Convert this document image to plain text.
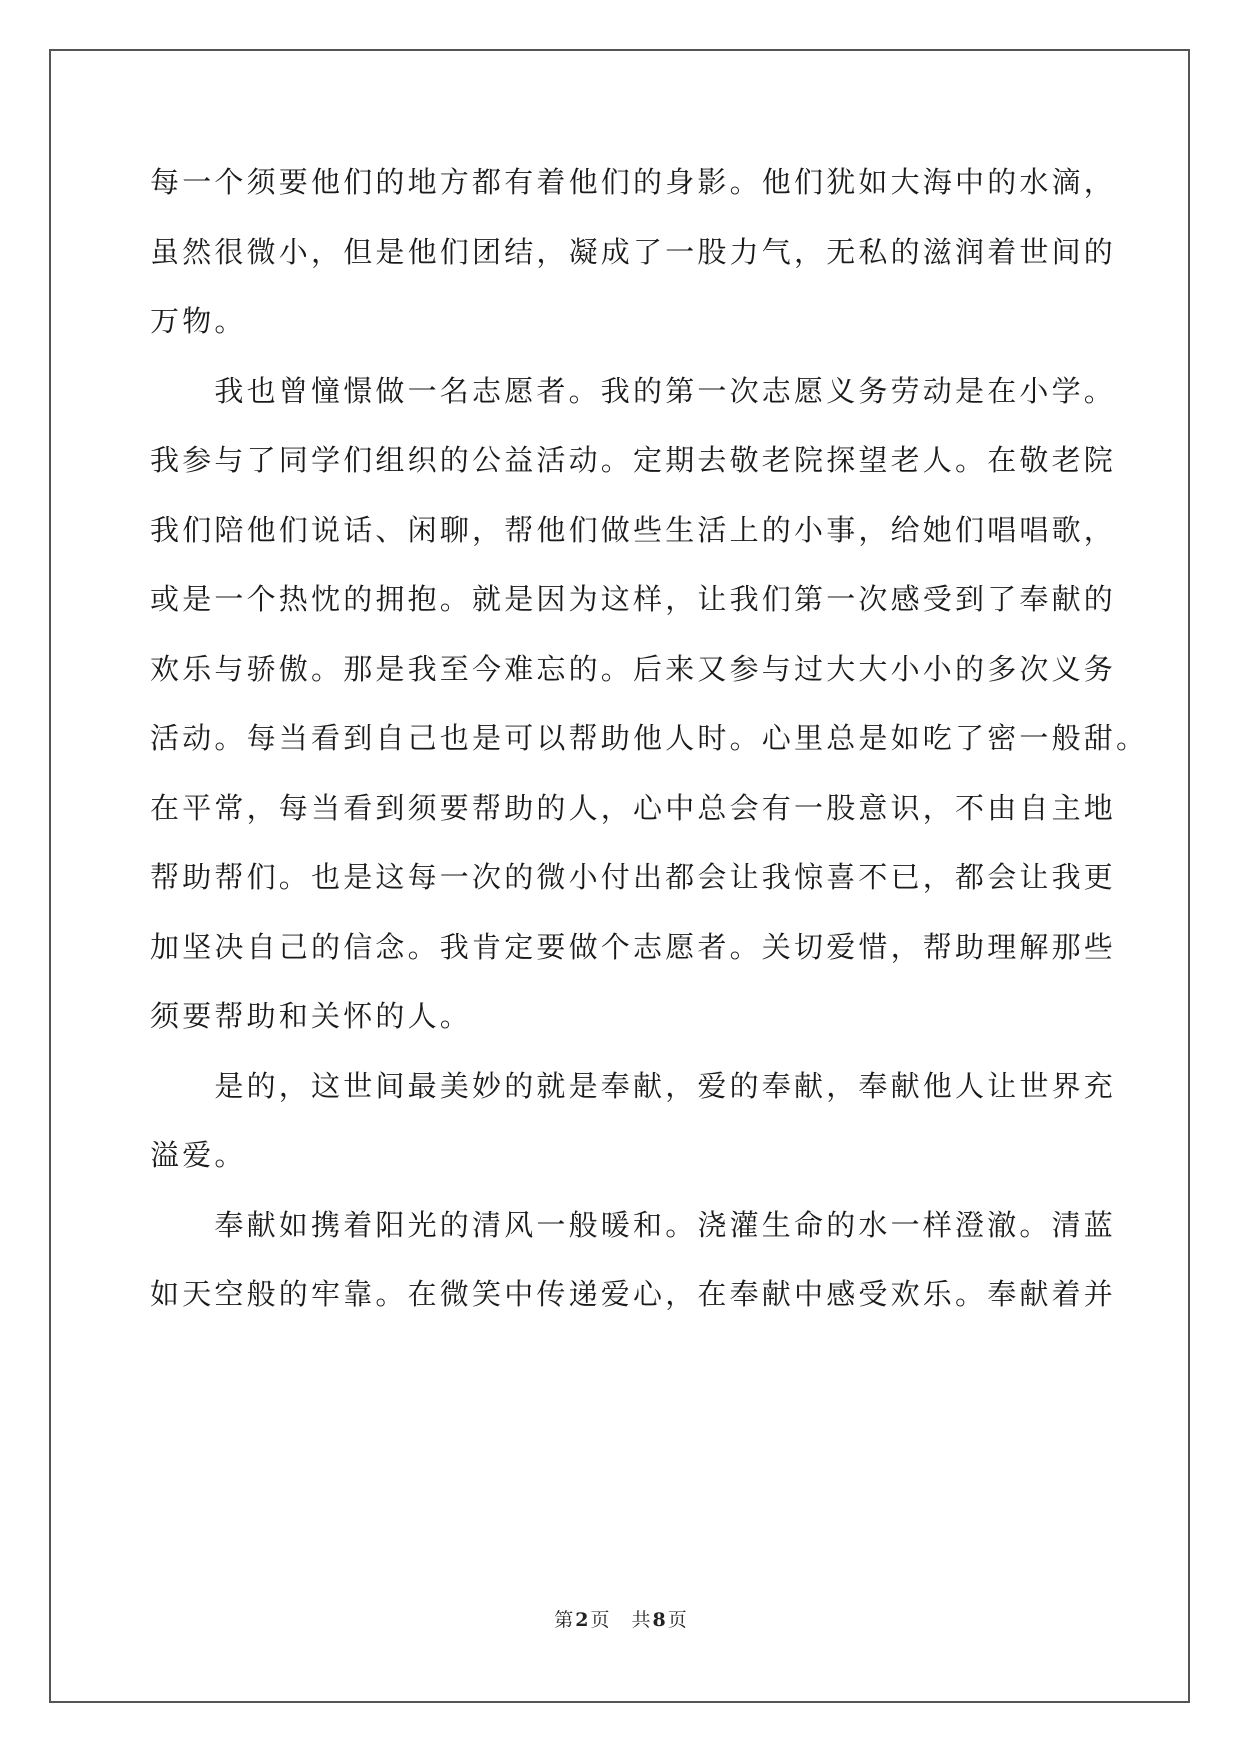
每一个须要他们的地方都有着他们的身影。他们犹如大海中的水滴，
虽然很微小，但是他们团结，凝成了一股力气，无私的滋润着世间的
万物。
　　我也曾憧憬做一名志愿者。我的第一次志愿义务劳动是在小学。
我参与了同学们组织的公益活动。定期去敬老院探望老人。在敬老院
我们陪他们说话、闲聊，帮他们做些生活上的小事，给她们唱唱歌，
或是一个热忱的拥抱。就是因为这样，让我们第一次感受到了奉献的
欢乐与骄傲。那是我至今难忘的。后来又参与过大大小小的多次义务
活动。每当看到自己也是可以帮助他人时。心里总是如吃了密一般甜。
在平常，每当看到须要帮助的人，心中总会有一股意识，不由自主地
帮助帮们。也是这每一次的微小付出都会让我惊喜不已，都会让我更
加坚决自己的信念。我肯定要做个志愿者。关切爱惜，帮助理解那些
须要帮助和关怀的人。
　　是的，这世间最美妙的就是奉献，爱的奉献，奉献他人让世界充
溢爱。
　　奉献如携着阳光的清风一般暖和。浇灌生命的水一样澄澈。清蓝
如天空般的牢靠。在微笑中传递爱心，在奉献中感受欢乐。奉献着并
第 2 页 共 8 页
